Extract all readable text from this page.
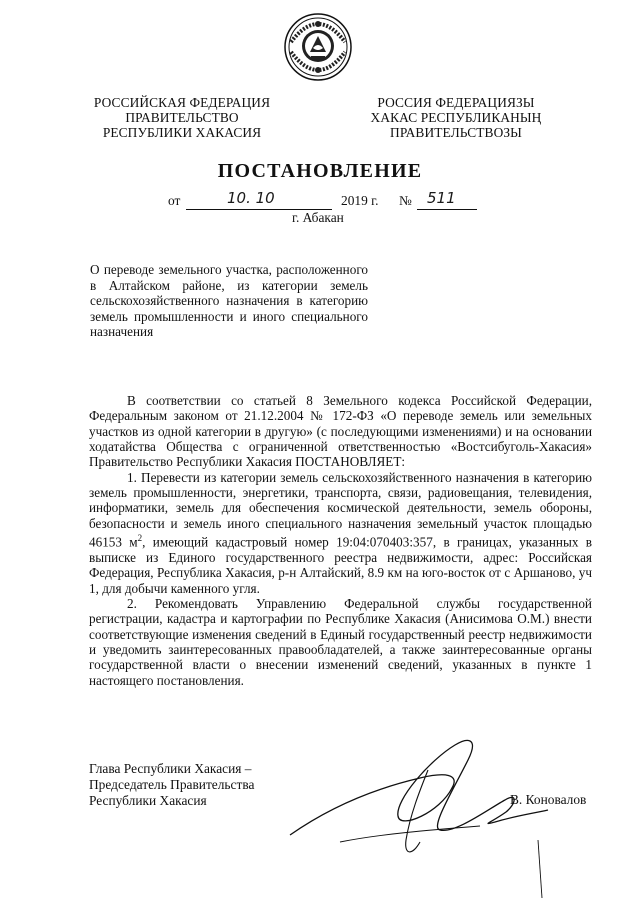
РОССИЙСКАЯ ФЕДЕРАЦИЯ
ПРАВИТЕЛЬСТВО
РЕСПУБЛИКИ ХАКАСИЯ
РОССИЯ ФЕДЕРАЦИЯЗЫ
ХАКАС РЕСПУБЛИКАНЫҢ
ПРАВИТЕЛЬСТВОЗЫ
ПОСТАНОВЛЕНИЕ
от	10. 10	2019 г. № 511
г. Абакан
О переводе земельного участка, расположенного в Алтайском районе, из категории земель сельскохозяйственного назначения в категорию земель промышленности и иного специального назначения

В соответствии со статьей 8 Земельного кодекса Российской Федерации, Федеральным законом от 21.12.2004 № 172-ФЗ «О переводе земель или земельных участков из одной категории в другую» (с последующими изменениями) и на основании ходатайства Общества с ограниченной ответственностью «Востсибуголь-Хакасия» Правительство Республики Хакасия ПОСТАНОВЛЯЕТ:

1. Перевести из категории земель сельскохозяйственного назначения в категорию земель промышленности, энергетики, транспорта, связи, радиовещания, телевидения, информатики, земель для обеспечения космической деятельности, земель обороны, безопасности и земель иного специального назначения земельный участок площадью 46153 $м^2$, имеющий кадастровый номер 19:04:070403:357, в границах, указанных в выписке из Единого государственного реестра недвижимости, адрес: Российская Федерация, Республика Хакасия, р-н Алтайский, 8.9 км на юго-восток от с Аршаново, уч 1, для добычи каменного угля.

2. Рекомендовать Управлению Федеральной службы государственной регистрации, кадастра и картографии по Республике Хакасия (Анисимова О.М.) внести соответствующие изменения сведений в Единый государственный реестр недвижимости и уведомить заинтересованных правообладателей, а также заинтересованные органы государственной власти о внесении изменений сведений, указанных в пункте 1 настоящего постановления.

Глава Республики Хакасия –
Председатель Правительства
Республики Хакасия	В. Коновалов
